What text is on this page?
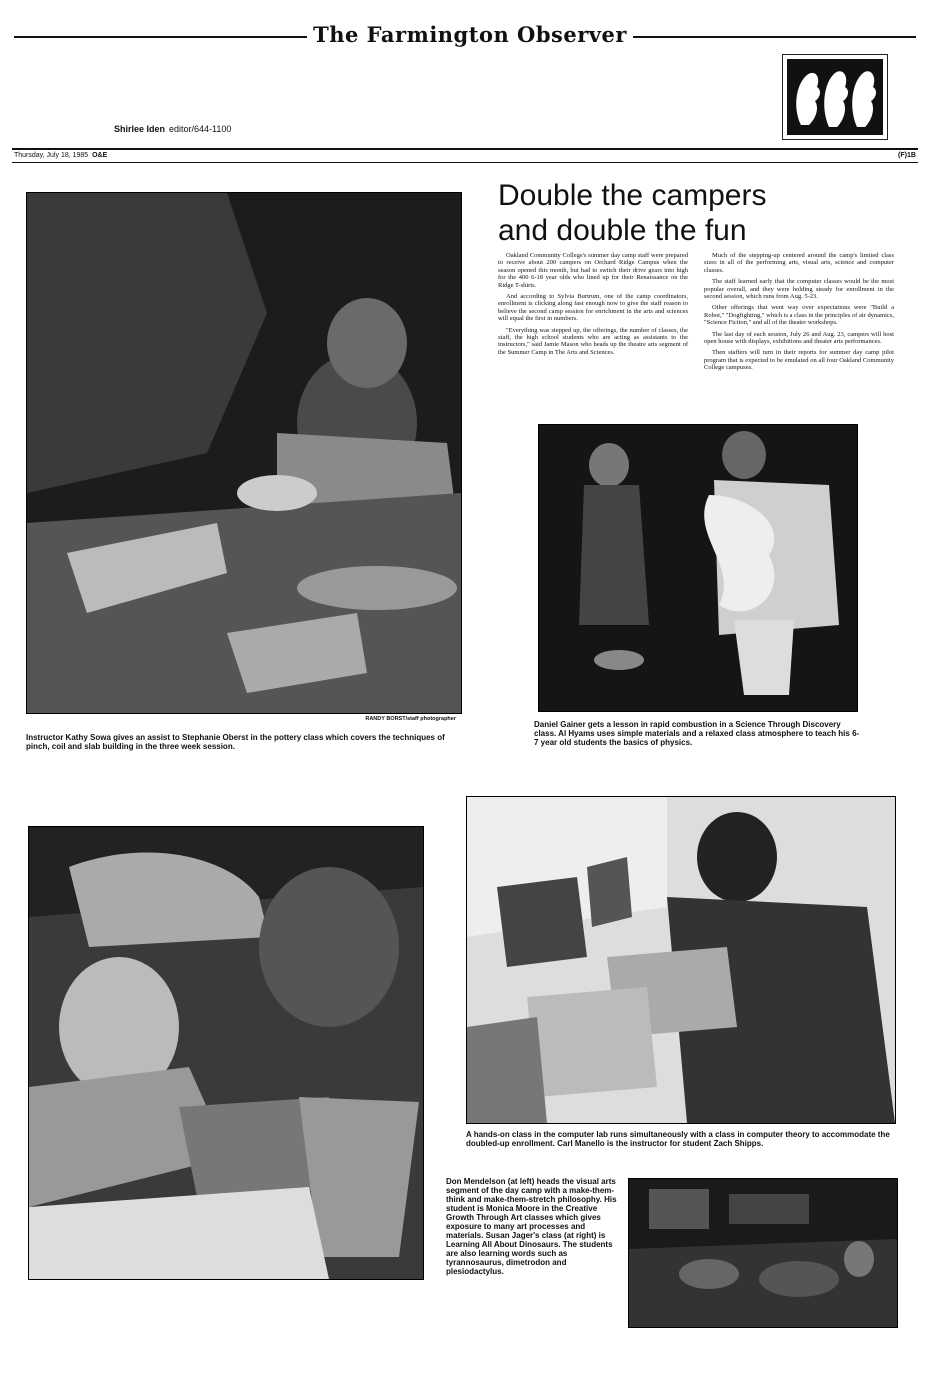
The Farmington Observer
Shirlee Iden editor/644-1100
Thursday, July 18, 1985 O&E	(F)1B
RANDY BORST/staff photographer
Instructor Kathy Sowa gives an assist to Stephanie Oberst in the pottery class which covers the techniques of pinch, coil and slab building in the three week session.
Double the campers
and double the fun

Oakland Community College's summer day camp staff were prepared to receive about 200 campers on Orchard Ridge Campus when the season opened this month, but had to switch their drive gears into high for the 400 6-18 year olds who lined up for their Renaissance on the Ridge T-shirts.

And according to Sylvia Burtrum, one of the camp coordinators, enrollment is clicking along fast enough now to give the staff reason to believe the second camp session for enrichment in the arts and sciences will equal the first in numbers.

"Everything was stepped up, the offerings, the number of classes, the staff, the high school students who are acting as assistants to the instructors," said Jamie Mason who heads up the theatre arts segment of the Summer Camp in The Arts and Sciences.

Much of the stepping-up centered around the camp's limited class sizes in all of the performing arts, visual arts, science and computer classes.

The staff learned early that the computer classes would be the most popular overall, and they were holding steady for enrollment in the second session, which runs from Aug. 5-23.

Other offerings that went way over expectations were "Build a Robot," "Dogfighting," which is a class in the principles of air dynamics, "Science Fiction," and all of the theater workshops.

The last day of each session, July 26 and Aug. 23, campers will host open house with displays, exhibitions and theater arts performances.

Then staffers will turn in their reports for summer day camp pilot program that is expected to be emulated on all four Oakland Community College campuses.

Daniel Gainer gets a lesson in rapid combustion in a Science Through Discovery class. Al Hyams uses simple materials and a relaxed class atmosphere to teach his 6-7 year old students the basics of physics.
A hands-on class in the computer lab runs simultaneously with a class in computer theory to accommodate the doubled-up enrollment. Carl Manello is the instructor for student Zach Shipps.
Don Mendelson (at left) heads the visual arts segment of the day camp with a make-them-think and make-them-stretch philosophy. His student is Monica Moore in the Creative Growth Through Art classes which gives exposure to many art processes and materials. Susan Jager's class (at right) is Learning All About Dinosaurs. The students are also learning words such as tyrannosaurus, dimetrodon and plesiodactylus.
